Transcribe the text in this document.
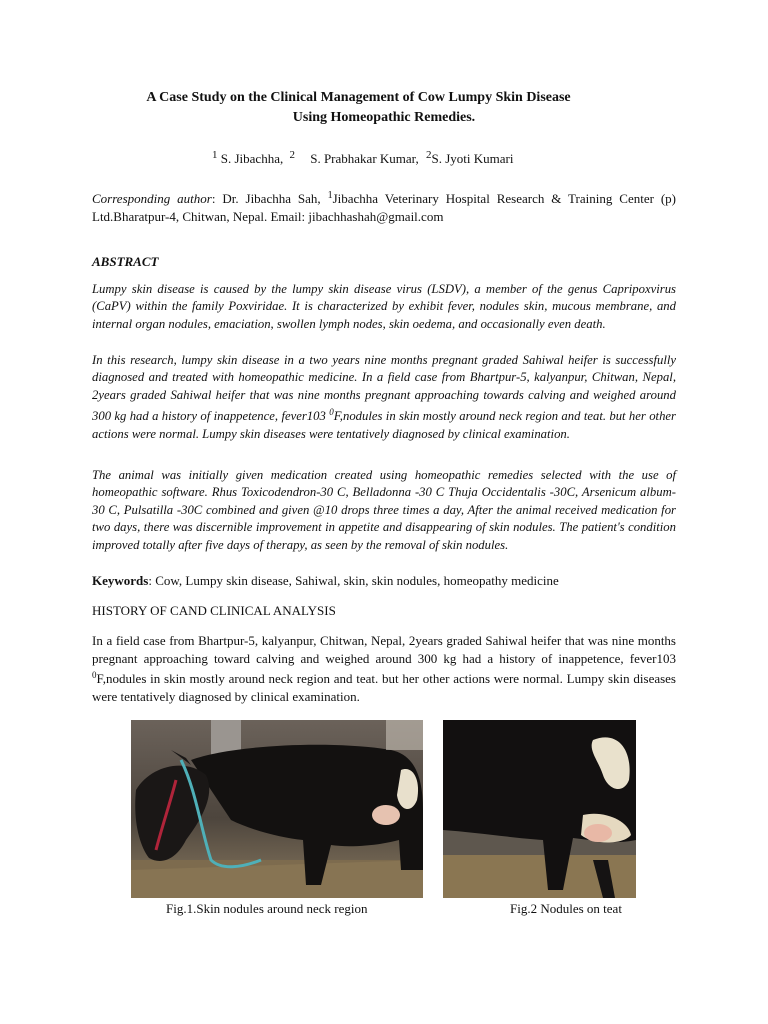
A Case Study on the Clinical Management of Cow Lumpy Skin Disease
Using Homeopathic Remedies.
$^1$ S. Jibachha, $^2$ S. Prabhakar Kumar, $^2$S. Jyoti Kumari
Corresponding author: Dr. Jibachha Sah, $^1$Jibachha Veterinary Hospital Research & Training Center (p) Ltd.Bharatpur-4, Chitwan, Nepal. Email: jibachhashah@gmail.com
ABSTRACT
Lumpy skin disease is caused by the lumpy skin disease virus (LSDV), a member of the genus Capripoxvirus (CaPV) within the family Poxviridae. It is characterized by exhibit fever, nodules skin, mucous membrane, and internal organ nodules, emaciation, swollen lymph nodes, skin oedema, and occasionally even death.
In this research, lumpy skin disease in a two years nine months pregnant graded Sahiwal heifer is successfully diagnosed and treated with homeopathic medicine. In a field case from Bhartpur-5, kalyanpur, Chitwan, Nepal, 2years graded Sahiwal heifer that was nine months pregnant approaching towards calving and weighed around 300 kg had a history of inappetence, fever103 $^0$F,nodules in skin mostly around neck region and teat. but her other actions were normal. Lumpy skin diseases were tentatively diagnosed by clinical examination.
The animal was initially given medication created using homeopathic remedies selected with the use of homeopathic software. Rhus Toxicodendron-30 C, Belladonna -30 C Thuja Occidentalis -30C, Arsenicum album- 30 C, Pulsatilla -30C combined and given @10 drops three times a day, After the animal received medication for two days, there was discernible improvement in appetite and disappearing of skin nodules. The patient's condition improved totally after five days of therapy, as seen by the removal of skin nodules.
Keywords: Cow, Lumpy skin disease, Sahiwal, skin, skin nodules, homeopathy medicine
HISTORY OF CAND CLINICAL ANALYSIS
In a field case from Bhartpur-5, kalyanpur, Chitwan, Nepal, 2years graded Sahiwal heifer that was nine months pregnant approaching toward calving and weighed around 300 kg had a history of inappetence, fever103 $^0$F,nodules in skin mostly around neck region and teat. but her other actions were normal. Lumpy skin diseases were tentatively diagnosed by clinical examination.
Fig.1.Skin nodules around neck region	Fig.2 Nodules on teat
